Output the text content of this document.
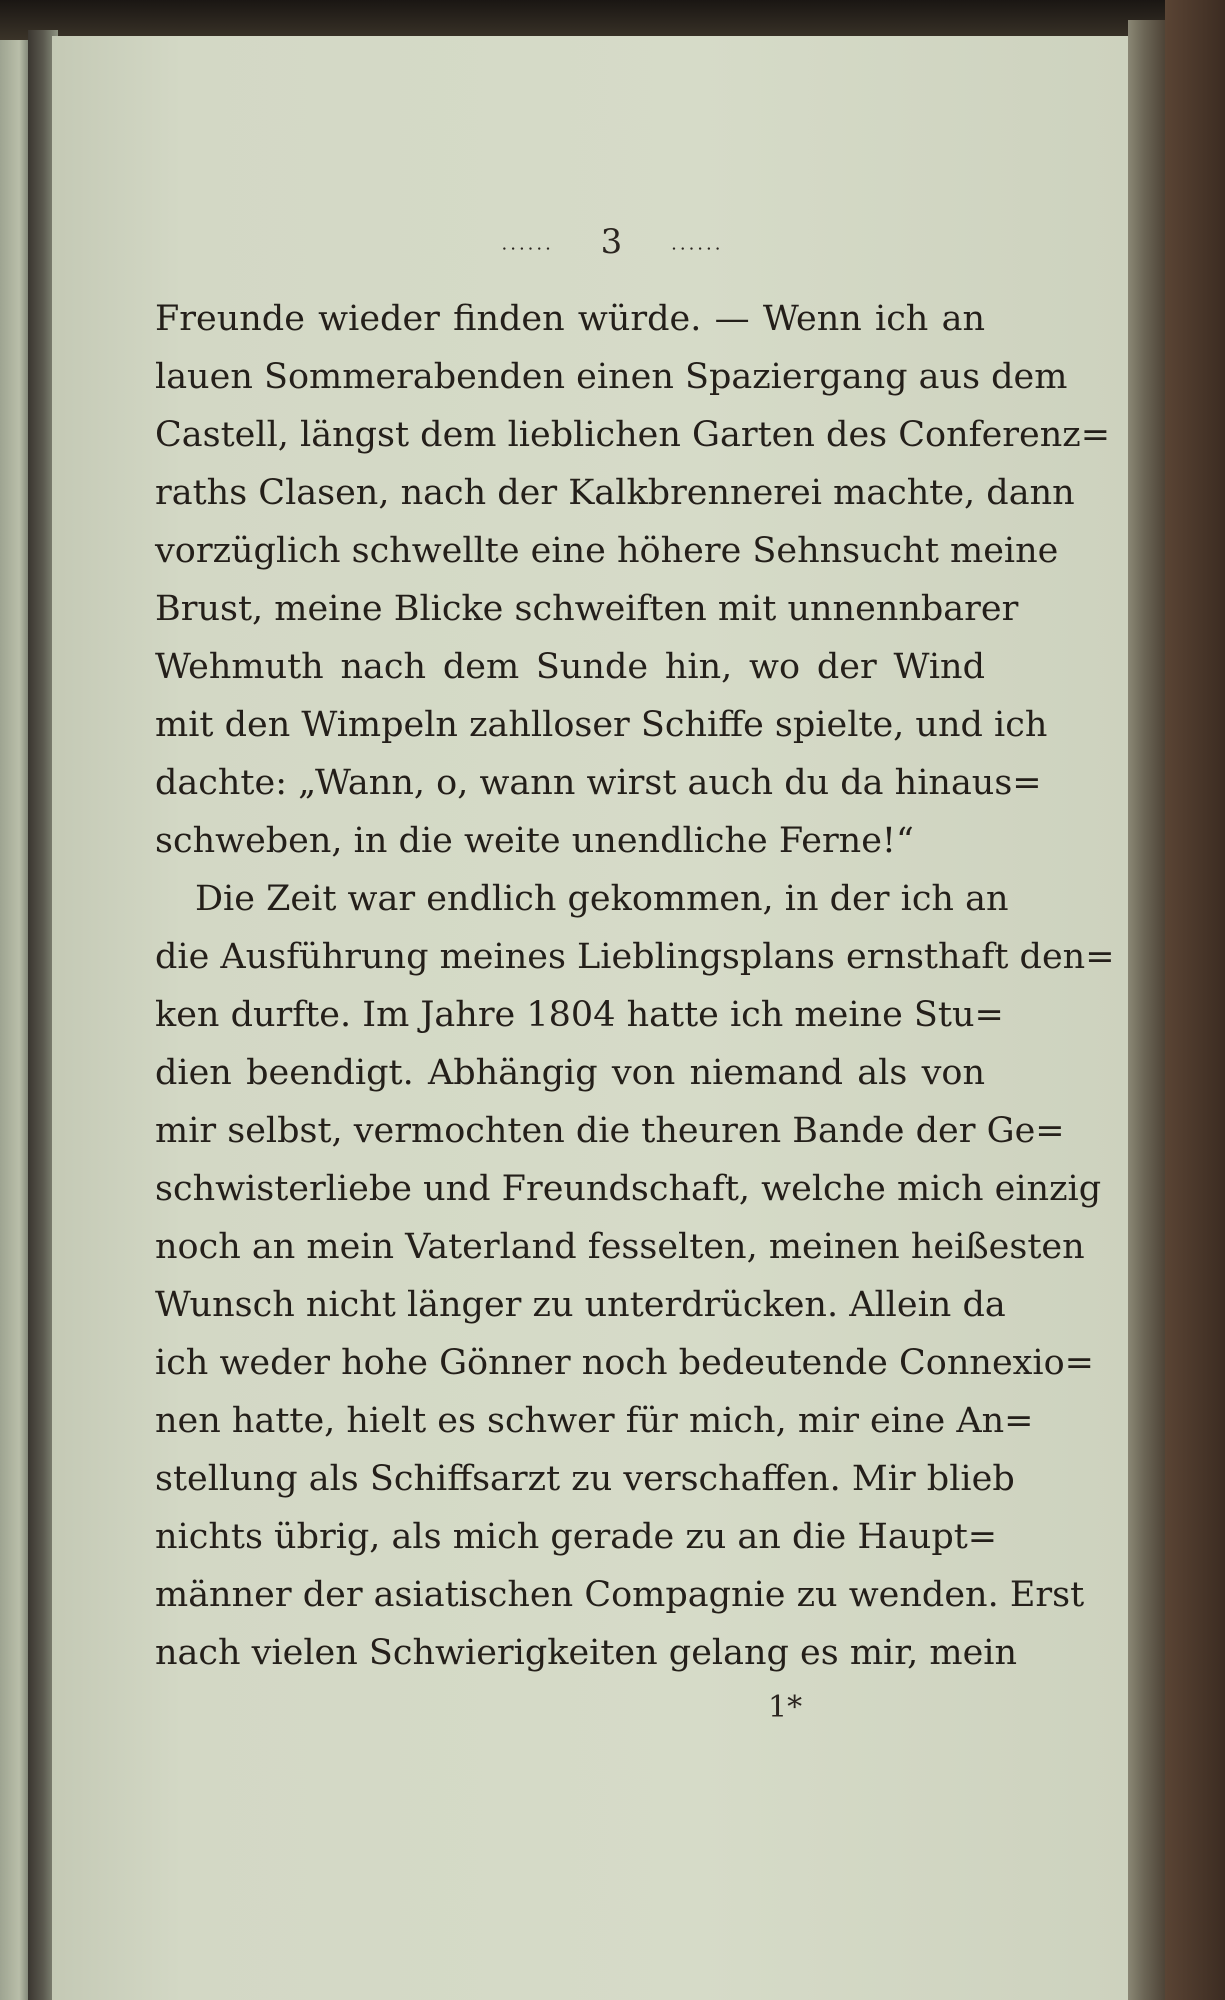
...... 3	......
Freunde wieder finden würde. — Wenn ich an
lauen Sommerabenden einen Spaziergang aus dem
Castell, längst dem lieblichen Garten des Conferenz=
raths Clasen, nach der Kalkbrennerei machte, dann
vorzüglich schwellte eine höhere Sehnsucht meine
Brust, meine Blicke schweiften mit unnennbarer
Wehmuth nach dem Sunde hin, wo der Wind
mit den Wimpeln zahlloser Schiffe spielte, und ich
dachte: „Wann, o, wann wirst auch du da hinaus=
schweben, in die weite unendliche Ferne!“
Die Zeit war endlich gekommen, in der ich an
die Ausführung meines Lieblingsplans ernsthaft den=
ken durfte. Im Jahre 1804 hatte ich meine Stu=
dien beendigt. Abhängig von niemand als von
mir selbst, vermochten die theuren Bande der Ge=
schwisterliebe und Freundschaft, welche mich einzig
noch an mein Vaterland fesselten, meinen heißesten
Wunsch nicht länger zu unterdrücken. Allein da
ich weder hohe Gönner noch bedeutende Connexio=
nen hatte, hielt es schwer für mich, mir eine An=
stellung als Schiffsarzt zu verschaffen. Mir blieb
nichts übrig, als mich gerade zu an die Haupt=
männer der asiatischen Compagnie zu wenden. Erst
nach vielen Schwierigkeiten gelang es mir, mein
1*
